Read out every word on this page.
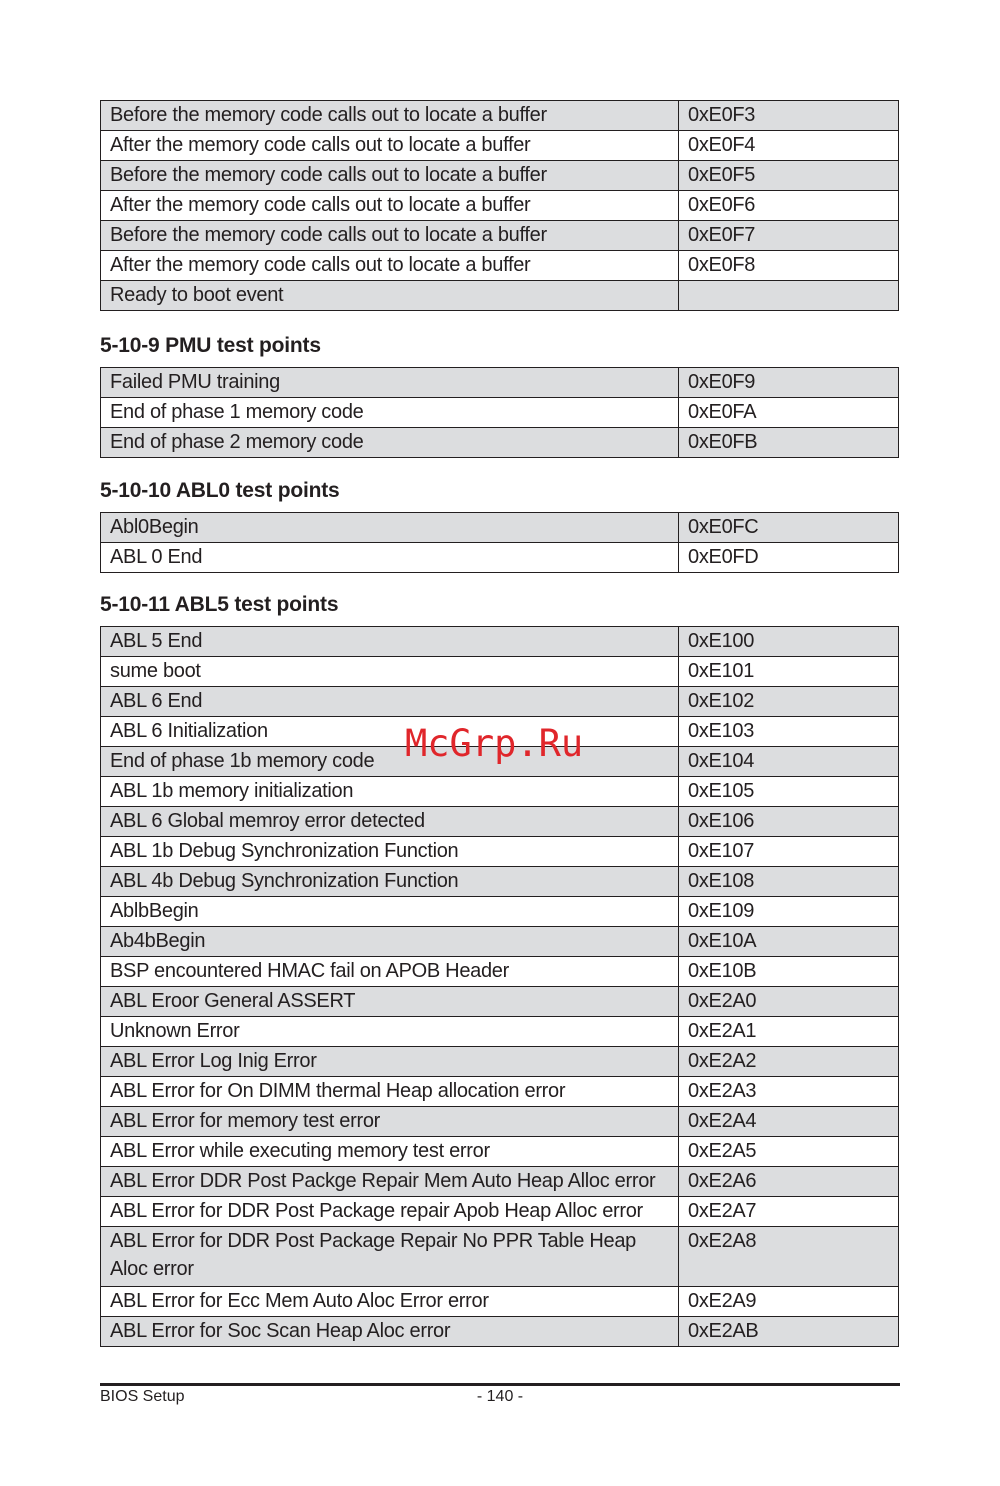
Before the memory code calls out to locate a buffer	0xE0F3
After the memory code calls out to locate a buffer	0xE0F4
Before the memory code calls out to locate a buffer	0xE0F5
After the memory code calls out to locate a buffer	0xE0F6
Before the memory code calls out to locate a buffer	0xE0F7
After the memory code calls out to locate a buffer	0xE0F8
Ready to boot event	
5-10-9 PMU test points
Failed PMU training	0xE0F9
End of phase 1 memory code	0xE0FA
End of phase 2 memory code	0xE0FB
5-10-10 ABL0 test points
Abl0Begin	0xE0FC
ABL 0 End	0xE0FD
5-10-11 ABL5 test points
ABL 5 End	0xE100
sume boot	0xE101
ABL 6 End	0xE102
ABL 6 Initialization	0xE103
End of phase 1b memory code	0xE104
ABL 1b memory initialization	0xE105
ABL 6 Global memroy error detected	0xE106
ABL 1b Debug Synchronization Function	0xE107
ABL 4b Debug Synchronization Function	0xE108
AblbBegin	0xE109
Ab4bBegin	0xE10A
BSP encountered HMAC fail on APOB Header	0xE10B
ABL Eroor General ASSERT	0xE2A0
Unknown Error	0xE2A1
ABL Error Log Inig Error	0xE2A2
ABL Error for On DIMM thermal Heap allocation error	0xE2A3
ABL Error for memory test error	0xE2A4
ABL Error while executing memory test error	0xE2A5
ABL Error DDR Post Packge Repair Mem Auto Heap Alloc error	0xE2A6
ABL Error for DDR Post Package repair Apob Heap Alloc error	0xE2A7
ABL Error for DDR Post Package Repair No PPR Table Heap Aloc error	0xE2A8
ABL Error for Ecc Mem Auto Aloc Error error	0xE2A9
ABL Error for Soc Scan Heap Aloc error	0xE2AB
McGrp.Ru
BIOS Setup	- 140 -
